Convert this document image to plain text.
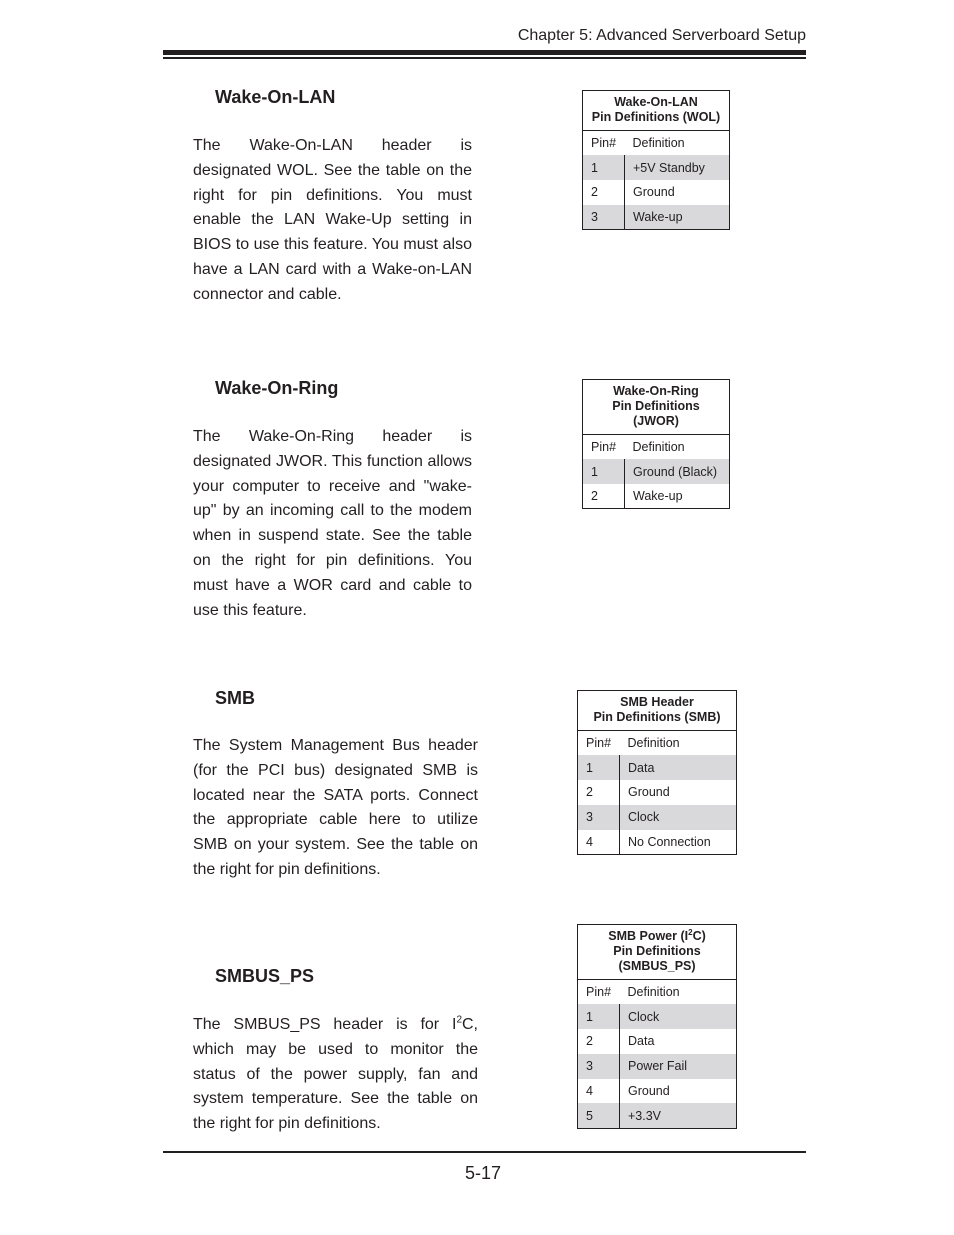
Chapter 5: Advanced Serverboard Setup
Wake-On-LAN
The Wake-On-LAN header is designated WOL. See the table on the right for pin definitions. You must enable the LAN Wake-Up setting in BIOS to use this feature. You must also have a LAN card with a Wake-on-LAN connector and cable.
Wake-On-LAN
Pin Definitions (WOL)	

Pin#	Definition
1	+5V Standby
2	Ground
3	Wake-up
Wake-On-Ring
The Wake-On-Ring header is designated JWOR. This function allows your computer to receive and "wake-up" by an incoming call to the modem when in suspend state. See the table on the right for pin definitions. You must have a WOR card and cable to use this feature.
Wake-On-Ring
Pin Definitions
(JWOR)	

Pin#	Definition
1	Ground (Black)
2	Wake-up
SMB
The System Management Bus header (for the PCI bus) designated SMB is located near the SATA ports. Connect the appropriate cable here to utilize SMB on your system. See the table on the right for pin definitions.
SMB Header
Pin Definitions (SMB)	

Pin#	Definition
1	Data
2	Ground
3	Clock
4	No Connection
SMBUS_PS
The SMBUS_PS header is for $I^2C$, which may be used to monitor the status of the power supply, fan and system temperature. See the table on the right for pin definitions.
SMB Power $(I^2C)$
Pin Definitions
(SMBUS_PS)	

Pin#	Definition
1	Clock
2	Data
3	Power Fail
4	Ground
5	+3.3V
5-17
